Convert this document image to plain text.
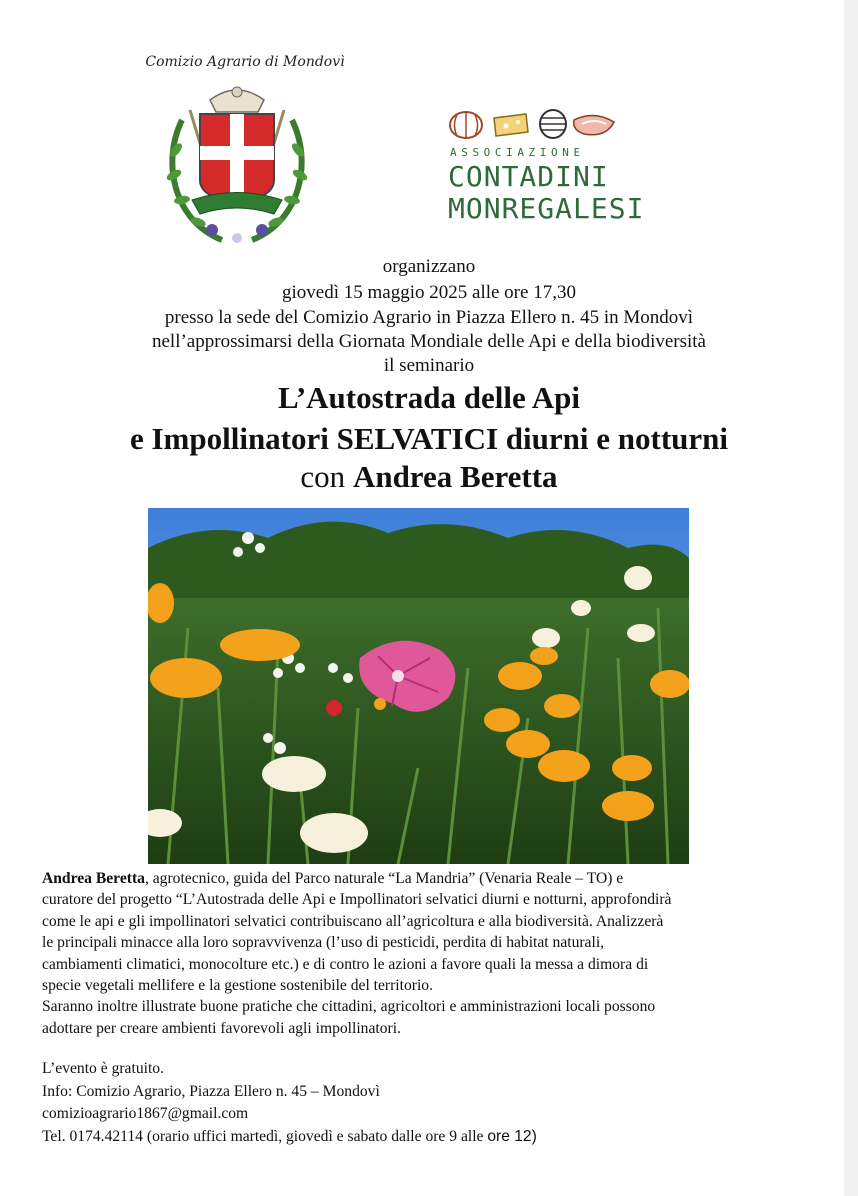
Comizio Agrario di Mondovì
ASSOCIAZIONE
CONTADINI
MONREGALESI
organizzano
giovedì 15 maggio 2025 alle ore 17,30
presso la sede del Comizio Agrario in Piazza Ellero n. 45 in Mondovì
nell’approssimarsi della Giornata Mondiale delle Api e della biodiversità
il seminario
L’Autostrada delle Api
e Impollinatori SELVATICI diurni e notturni
con Andrea Beretta

Andrea Beretta, agrotecnico, guida del Parco naturale “La Mandria” (Venaria Reale – TO) e
curatore del progetto “L’Autostrada delle Api e Impollinatori selvatici diurni e notturni, approfondirà
come le api e gli impollinatori selvatici contribuiscano all’agricoltura e alla biodiversità. Analizzerà
le principali minacce alla loro sopravvivenza (l’uso di pesticidi, perdita di habitat naturali,
cambiamenti climatici, monocolture etc.) e di contro le azioni a favore quali la messa a dimora di
specie vegetali mellifere e la gestione sostenibile del territorio.

Saranno inoltre illustrate buone pratiche che cittadini, agricoltori e amministrazioni locali possono
adottare per creare ambienti favorevoli agli impollinatori.

L’evento è gratuito.
Info: Comizio Agrario, Piazza Ellero n. 45 – Mondovì
comizioagrario1867@gmail.com
Tel. 0174.42114 (orario uffici martedì, giovedì e sabato dalle ore 9 alle ore 12)
